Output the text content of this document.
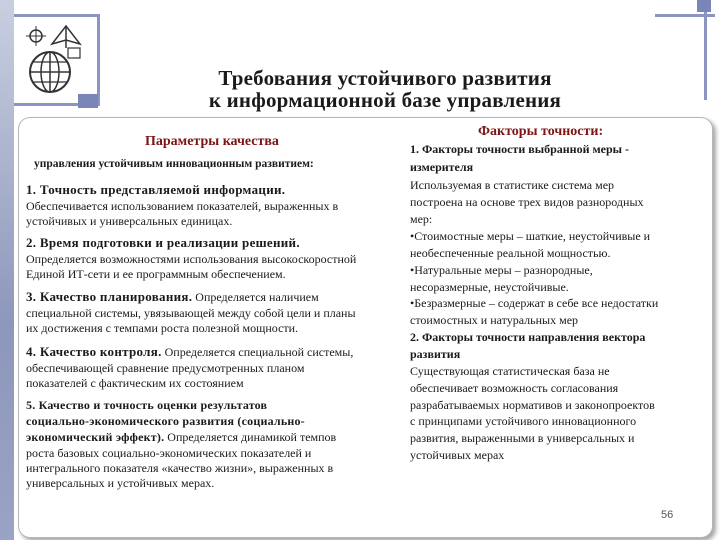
Требования устойчивого развития
к информационной базе управления
Параметры качества
управления устойчивым инновационным развитием:
1. Точность представляемой информации.
Обеспечивается использованием показателей, выраженных в
устойчивых и универсальных единицах.
2. Время подготовки и реализации решений.
Определяется возможностями использования высокоскоростной
Единой ИТ-сети и ее программным обеспечением.
3. Качество планирования. Определяется наличием
специальной системы, увязывающей между собой цели и планы
их достижения с темпами роста полезной мощности.
4. Качество контроля. Определяется специальной системы,
обеспечивающей сравнение предусмотренных планом
показателей с фактическим их состоянием
5. Качество и точность оценки результатов
социально-экономического развития (социально-
экономический эффект). Определяется динамикой темпов
роста базовых социально-экономических показателей и
интегрального показателя «качество жизни», выраженных в
универсальных и устойчивых мерах.
Факторы точности:
1. Факторы точности выбранной меры -
измерителя
Используемая в статистике система мер
построена на основе трех видов разнородных
мер:
•Стоимостные меры – шаткие, неустойчивые и
необеспеченные реальной мощностью.
•Натуральные меры – разнородные,
несоразмерные, неустойчивые.
•Безразмерные – содержат в себе все недостатки
стоимостных и натуральных мер
2. Факторы точности направления вектора
развития
Существующая статистическая база не
обеспечивает возможность согласования
разрабатываемых нормативов и законопроектов
с принципами устойчивого инновационного
развития, выраженными в универсальных и
устойчивых мерах
56
